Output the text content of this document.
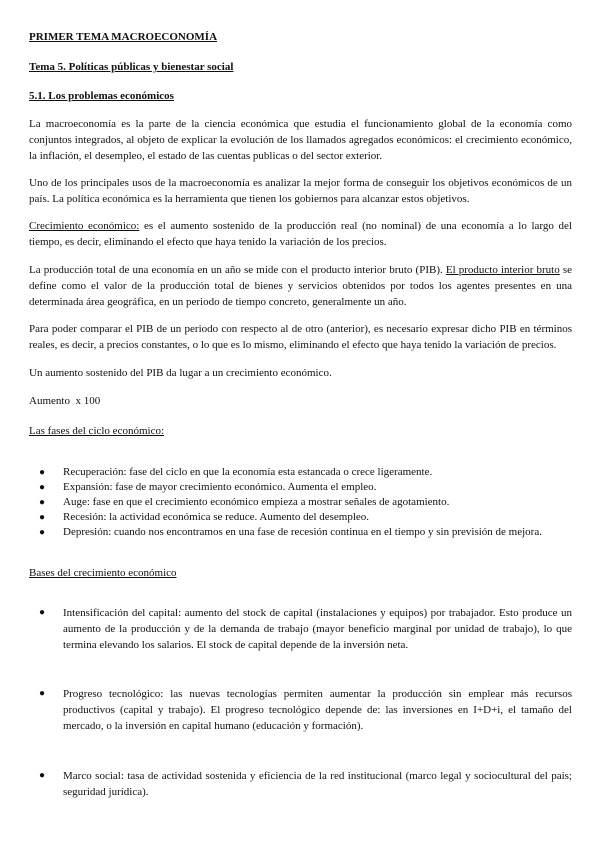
PRIMER TEMA MACROECONOMÍA
Tema 5. Políticas públicas y bienestar social
5.1. Los problemas económicos
La macroeconomía es la parte de la ciencia económica que estudia el funcionamiento global de la economía como conjuntos integrados, al objeto de explicar la evolución de los llamados agregados económicos: el crecimiento económico, la inflación, el desempleo, el estado de las cuentas publicas o del sector exterior.
Uno de los principales usos de la macroeconomía es analizar la mejor forma de conseguir los objetivos económicos de un país. La política económica es la herramienta que tienen los gobiernos para alcanzar estos objetivos.
Crecimiento económico: es el aumento sostenido de la producción real (no nominal) de una economía a lo largo del tiempo, es decir, eliminando el efecto que haya tenido la variación de los precios.
La producción total de una economía en un año se mide con el producto interior bruto (PIB). El producto interior bruto se define como el valor de la producción total de bienes y servicios obtenidos por todos los agentes presentes en una determinada área geográfica, en un periodo de tiempo concreto, generalmente un año.
Para poder comparar el PIB de un periodo con respecto al de otro (anterior), es necesario expresar dicho PIB en términos reales, es decir, a precios constantes, o lo que es lo mismo, eliminando el efecto que haya tenido la variación de precios.
Un aumento sostenido del PIB da lugar a un crecimiento económico.
Aumento  x 100
Las fases del ciclo económico:
● Recuperación: fase del ciclo en que la economía esta estancada o crece ligeramente.
● Expansión: fase de mayor crecimiento económico. Aumenta el empleo.
● Auge: fase en que el crecimiento económico empieza a mostrar señales de agotamiento.
● Recesión: la actividad económica se reduce. Aumento del desempleo.
● Depresión: cuando nos encontramos en una fase de recesión continua en el tiempo y sin previsión de mejora.
Bases del crecimiento económico
● Intensificación del capital: aumento del stock de capital (instalaciones y equipos) por trabajador. Esto produce un aumento de la producción y de la demanda de trabajo (mayor beneficio marginal por unidad de trabajo), lo que termina elevando los salarios. El stock de capital depende de la inversión neta.
● Progreso tecnológico: las nuevas tecnologías permiten aumentar la producción sin emplear más recursos productivos (capital y trabajo). El progreso tecnológico depende de: las inversiones en I+D+i, el tamaño del mercado, o la inversión en capital humano (educación y formación).
● Marco social: tasa de actividad sostenida y eficiencia de la red institucional (marco legal y sociocultural del país; seguridad jurídica).
